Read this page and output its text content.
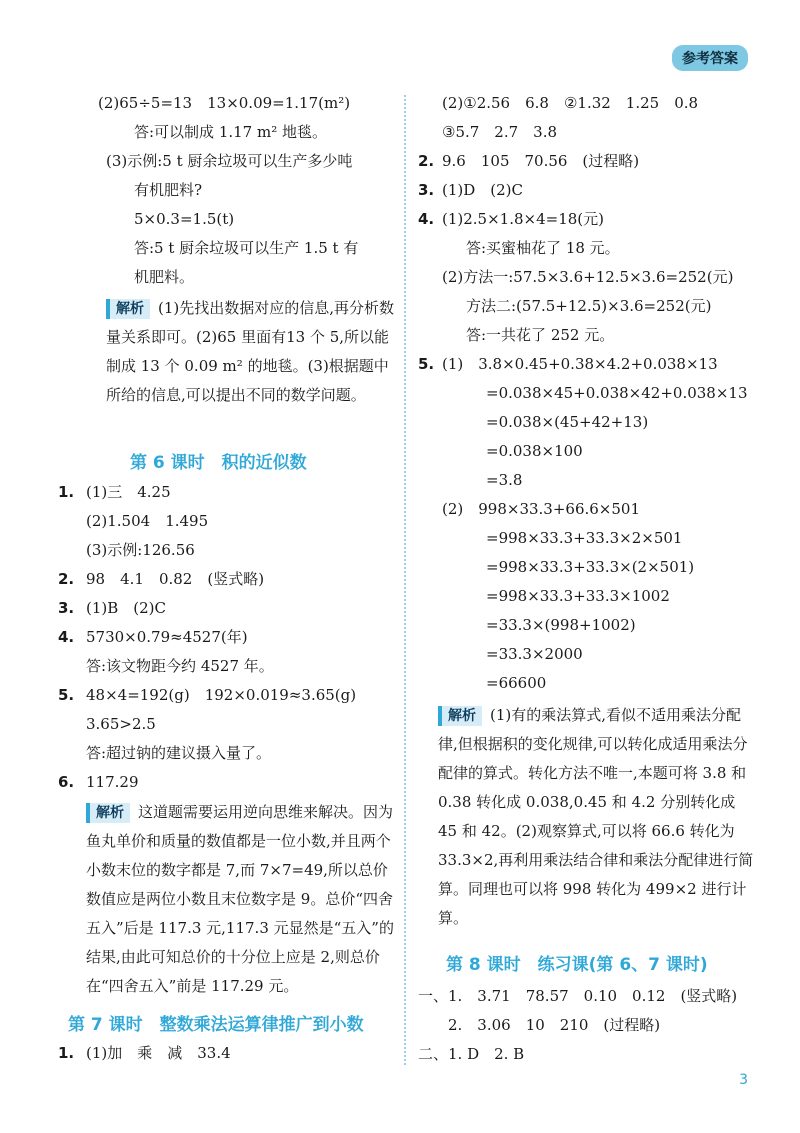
参考答案
(2)65÷5=13　13×0.09=1.17(m²)
答:可以制成 1.17 m² 地毯。
(3)示例:5 t 厨余垃圾可以生产多少吨
有机肥料?
5×0.3=1.5(t)
答:5 t 厨余垃圾可以生产 1.5 t 有
机肥料。
解析 (1)先找出数据对应的信息,再分析数量关系即可。(2)65 里面有13 个 5,所以能制成 13 个 0.09 m² 的地毯。(3)根据题中所给的信息,可以提出不同的数学问题。
第 6 课时　积的近似数
1. (1)三　4.25
(2)1.504　1.495
(3)示例:126.56
2. 98　4.1　0.82　(竖式略)
3. (1)B　(2)C
4. 5730×0.79≈4527(年)
答:该文物距今约 4527 年。
5. 48×4=192(g)　192×0.019≈3.65(g)
3.65>2.5
答:超过钠的建议摄入量了。
6. 117.29
解析 这道题需要运用逆向思维来解决。因为鱼丸单价和质量的数值都是一位小数,并且两个小数末位的数字都是 7,而 7×7=49,所以总价数值应是两位小数且末位数字是 9。总价“四舍五入”后是 117.3 元,117.3 元显然是“五入”的结果,由此可知总价的十分位上应是 2,则总价在“四舍五入”前是 117.29 元。
第 7 课时　整数乘法运算律推广到小数
1. (1)加　乘　减　33.4
(2)①2.56　6.8　②1.32　1.25　0.8
③5.7　2.7　3.8
2. 9.6　105　70.56　(过程略)
3. (1)D　(2)C
4. (1)2.5×1.8×4=18(元)
答:买蜜柚花了 18 元。
(2)方法一:57.5×3.6+12.5×3.6=252(元)
方法二:(57.5+12.5)×3.6=252(元)
答:一共花了 252 元。
5. (1)　3.8×0.45+0.38×4.2+0.038×13
=0.038×45+0.038×42+0.038×13
=0.038×(45+42+13)
=0.038×100
=3.8
(2)　998×33.3+66.6×501
=998×33.3+33.3×2×501
=998×33.3+33.3×(2×501)
=998×33.3+33.3×1002
=33.3×(998+1002)
=33.3×2000
=66600
解析 (1)有的乘法算式,看似不适用乘法分配律,但根据积的变化规律,可以转化成适用乘法分配律的算式。转化方法不唯一,本题可将 3.8 和 0.38 转化成 0.038,0.45 和 4.2 分别转化成 45 和 42。(2)观察算式,可以将 66.6 转化为 33.3×2,再利用乘法结合律和乘法分配律进行简算。同理也可以将 998 转化为 499×2 进行计算。
第 8 课时　练习课(第 6、7 课时)
一、1.　3.71　78.57　0.10　0.12　(竖式略)
2.　3.06　10　210　(过程略)
二、1. D　2. B
3
